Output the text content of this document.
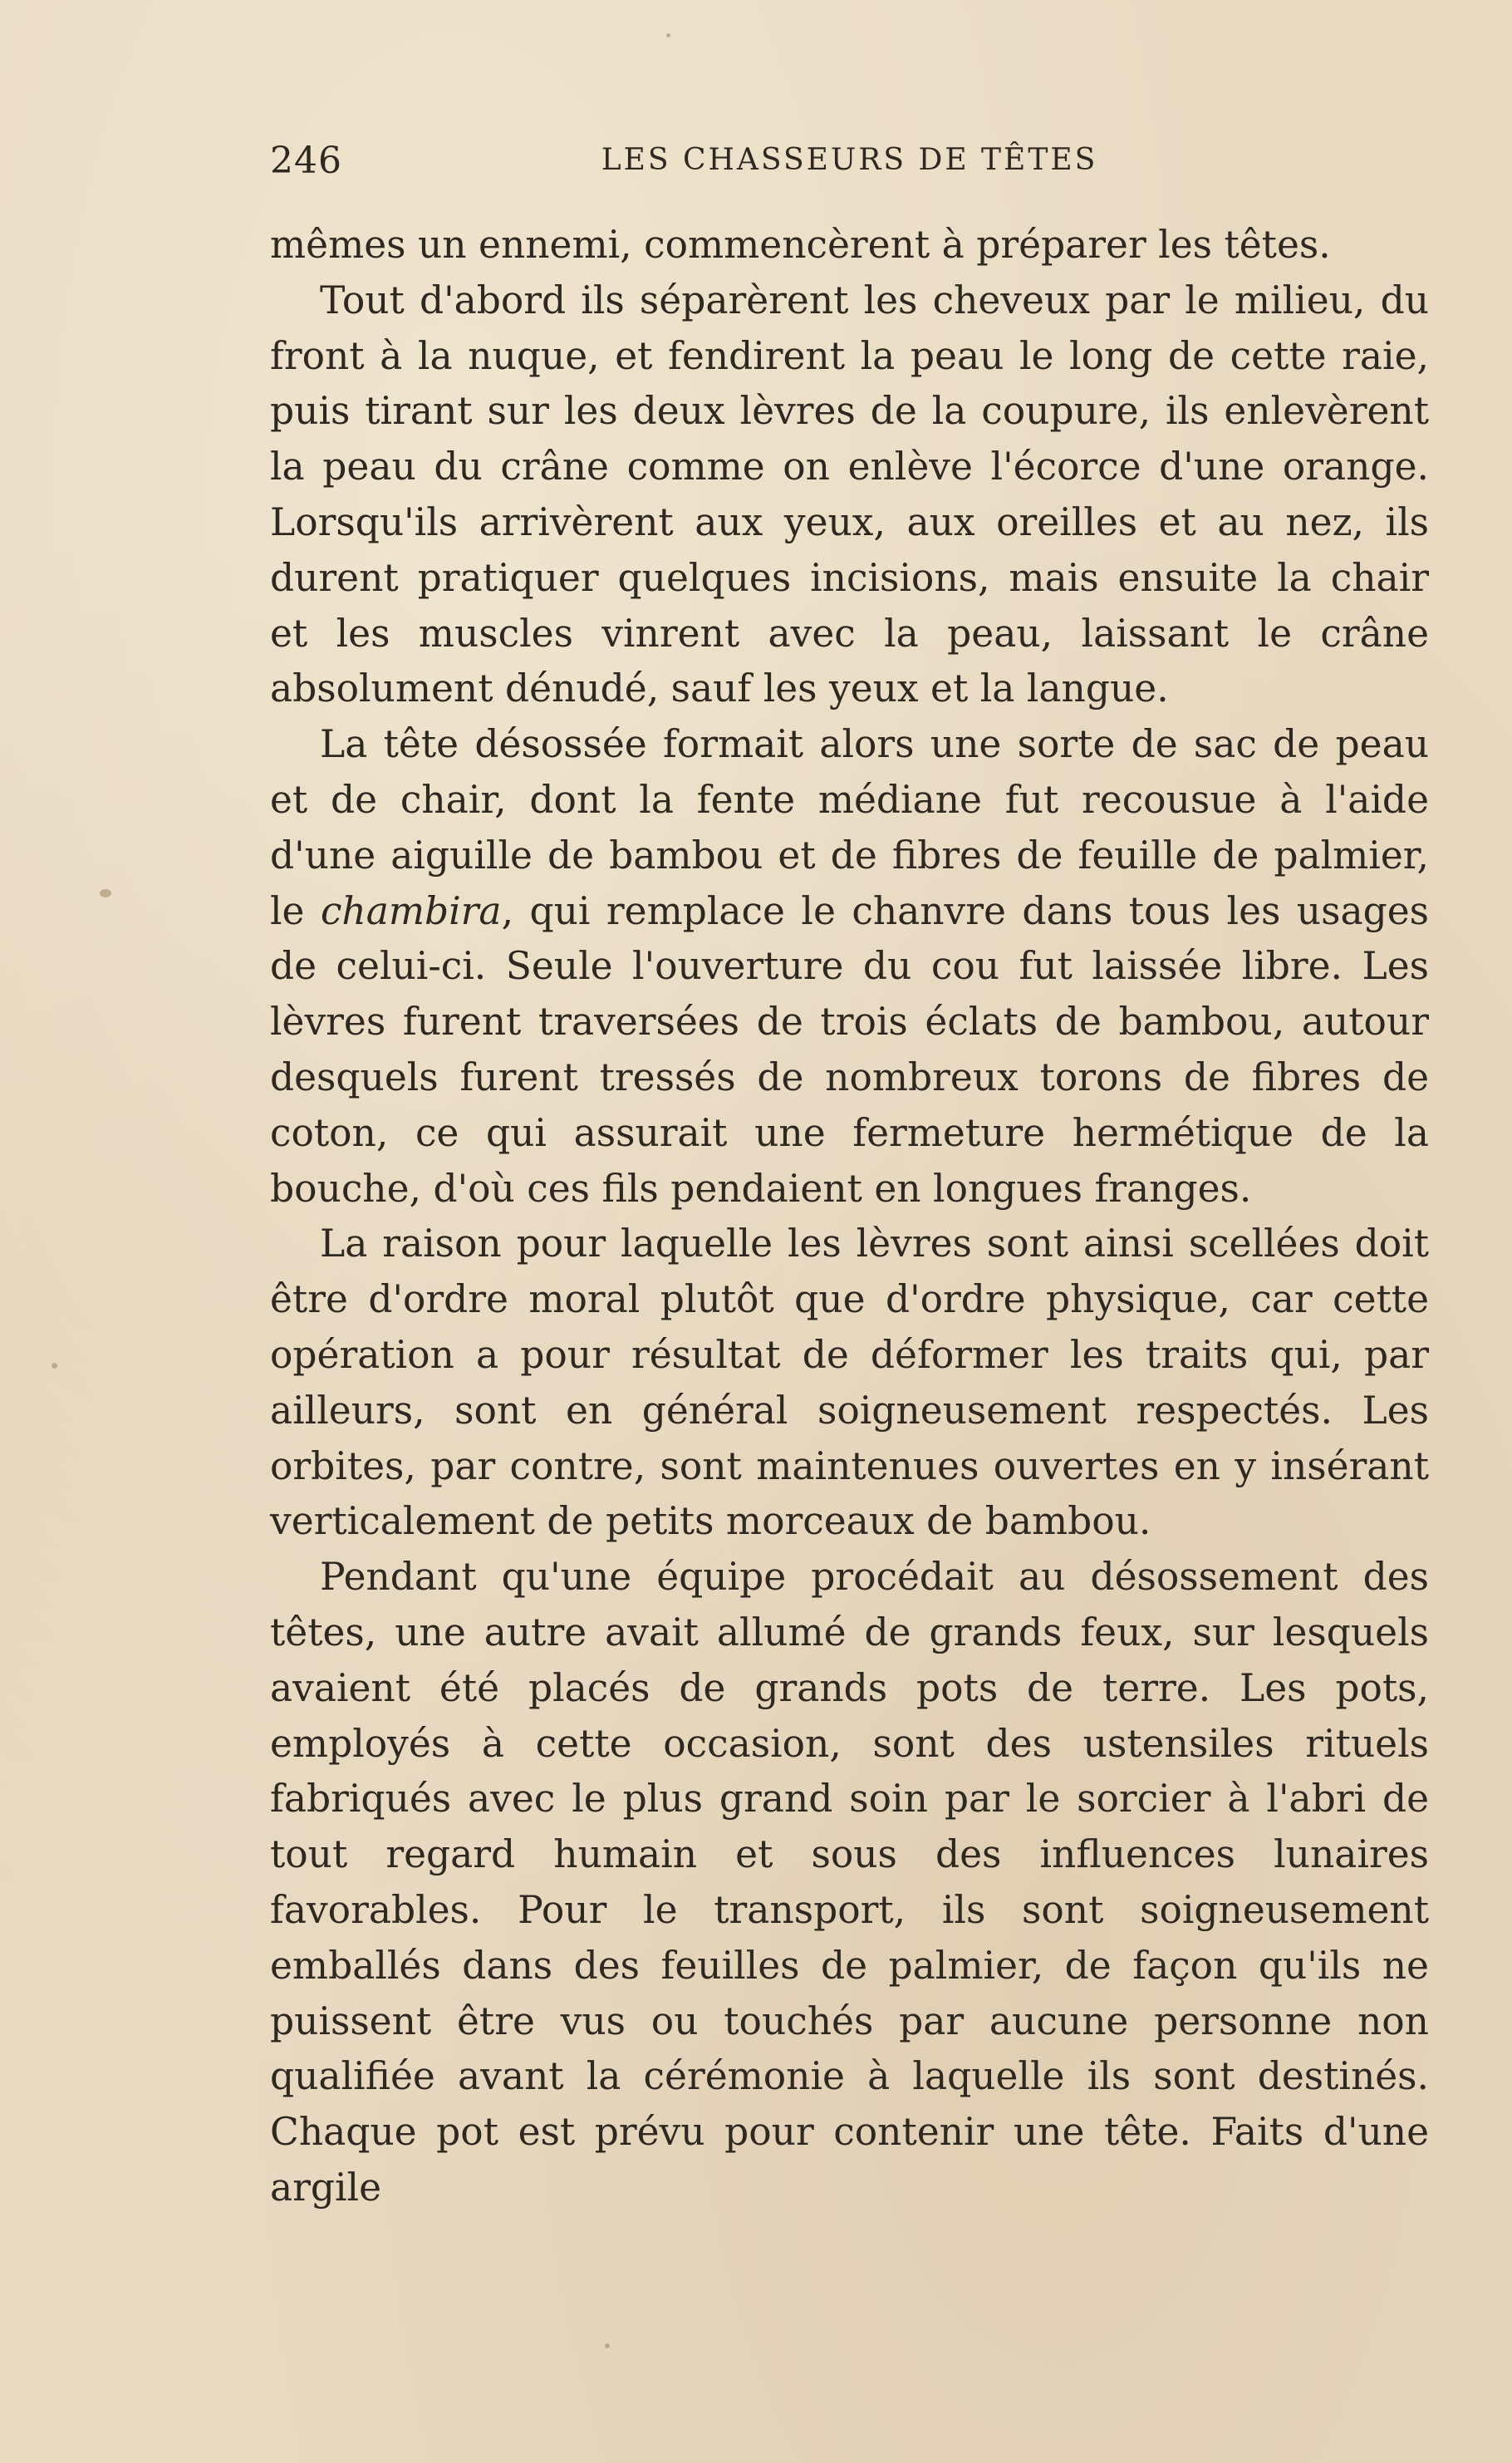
246	LES CHASSEURS DE TÊTES

mêmes un ennemi, commencèrent à préparer les têtes.

Tout d'abord ils séparèrent les cheveux par le milieu, du front à la nuque, et fendirent la peau le long de cette raie, puis tirant sur les deux lèvres de la coupure, ils enlevèrent la peau du crâne comme on enlève l'écorce d'une orange. Lorsqu'ils arrivèrent aux yeux, aux oreilles et au nez, ils durent pratiquer quelques incisions, mais ensuite la chair et les muscles vinrent avec la peau, laissant le crâne absolument dénudé, sauf les yeux et la langue.

La tête désossée formait alors une sorte de sac de peau et de chair, dont la fente médiane fut recousue à l'aide d'une aiguille de bambou et de fibres de feuille de palmier, le chambira, qui remplace le chanvre dans tous les usages de celui-ci. Seule l'ouverture du cou fut laissée libre. Les lèvres furent traversées de trois éclats de bambou, autour desquels furent tressés de nombreux torons de fibres de coton, ce qui assurait une fermeture hermétique de la bouche, d'où ces fils pendaient en longues franges.

La raison pour laquelle les lèvres sont ainsi scellées doit être d'ordre moral plutôt que d'ordre physique, car cette opération a pour résultat de déformer les traits qui, par ailleurs, sont en général soigneusement respectés. Les orbites, par contre, sont maintenues ouvertes en y insérant verticalement de petits morceaux de bambou.

Pendant qu'une équipe procédait au désossement des têtes, une autre avait allumé de grands feux, sur lesquels avaient été placés de grands pots de terre. Les pots, employés à cette occasion, sont des ustensiles rituels fabriqués avec le plus grand soin par le sorcier à l'abri de tout regard humain et sous des influences lunaires favorables. Pour le transport, ils sont soigneusement emballés dans des feuilles de palmier, de façon qu'ils ne puissent être vus ou touchés par aucune personne non qualifiée avant la cérémonie à laquelle ils sont destinés. Chaque pot est prévu pour contenir une tête. Faits d'une argile
